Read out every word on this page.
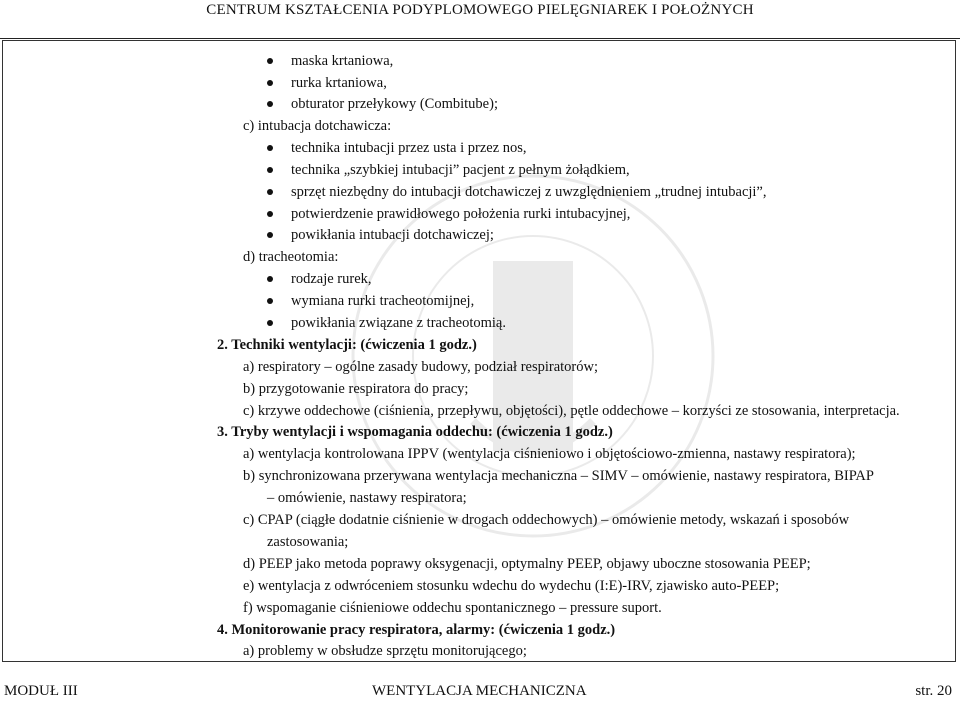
CENTRUM KSZTAŁCENIA PODYPLOMOWEGO PIELĘGNIAREK I POŁOŻNYCH
maska krtaniowa,
rurka krtaniowa,
obturator przełykowy (Combitube);
c) intubacja dotchawicza:
technika intubacji przez usta i przez nos,
technika „szybkiej intubacji” pacjent z pełnym żołądkiem,
sprzęt niezbędny do intubacji dotchawiczej z uwzględnieniem „trudnej intubacji”,
potwierdzenie prawidłowego położenia rurki intubacyjnej,
powikłania intubacji dotchawiczej;
d) tracheotomia:
rodzaje rurek,
wymiana rurki tracheotomijnej,
powikłania związane z tracheotomią.
2. Techniki wentylacji: (ćwiczenia 1 godz.)
a) respiratory – ogólne zasady budowy, podział respiratorów;
b) przygotowanie respiratora do pracy;
c) krzywe oddechowe (ciśnienia, przepływu, objętości), pętle oddechowe – korzyści ze stosowania, interpretacja.
3. Tryby wentylacji i wspomagania oddechu: (ćwiczenia 1 godz.)
a) wentylacja kontrolowana IPPV (wentylacja ciśnieniowo i objętościowo-zmienna, nastawy respiratora);
b) synchronizowana przerywana wentylacja mechaniczna – SIMV – omówienie, nastawy respiratora, BIPAP
– omówienie, nastawy respiratora;
c) CPAP (ciągłe dodatnie ciśnienie w drogach oddechowych) – omówienie metody, wskazań i sposobów
zastosowania;
d) PEEP jako metoda poprawy oksygenacji, optymalny PEEP, objawy uboczne stosowania PEEP;
e) wentylacja z odwróceniem stosunku wdechu do wydechu (I:E)-IRV, zjawisko auto-PEEP;
f) wspomaganie ciśnieniowe oddechu spontanicznego – pressure suport.
4. Monitorowanie pracy respiratora, alarmy: (ćwiczenia 1 godz.)
a) problemy w obsłudze sprzętu monitorującego;
MODUŁ III	WENTYLACJA MECHANICZNA	str. 20
